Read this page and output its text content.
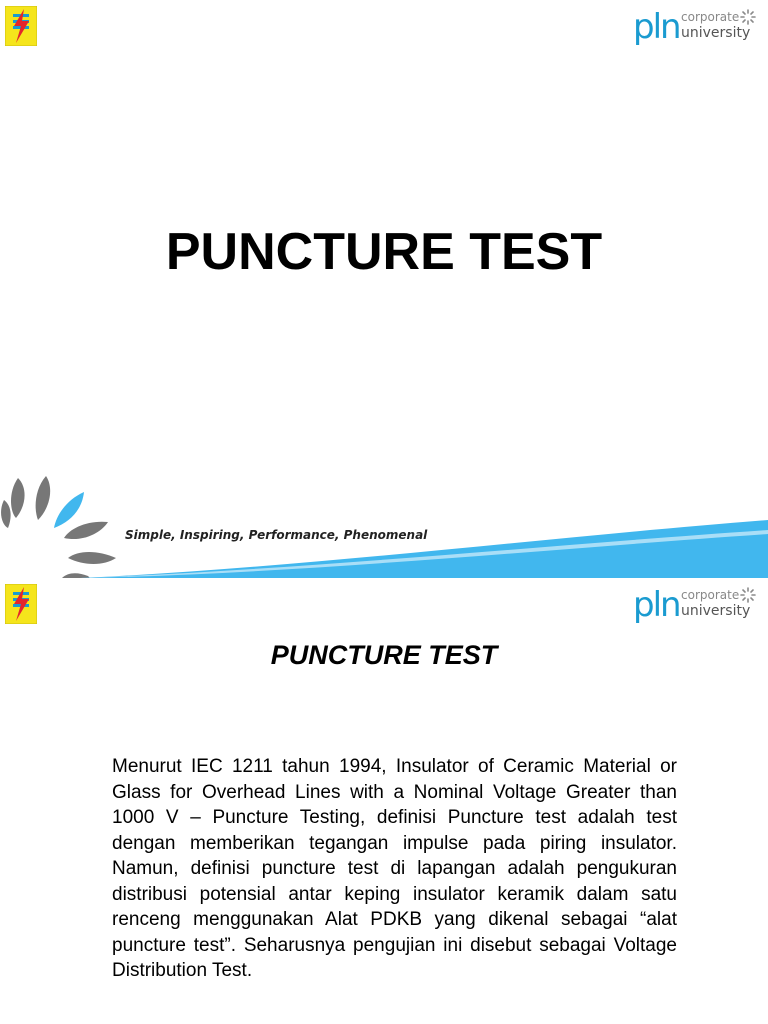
pln corporate
university
PUNCTURE TEST
Simple, Inspiring, Performance, Phenomenal
pln corporate
university
PUNCTURE TEST

Menurut IEC 1211 tahun 1994, Insulator of Ceramic Material or Glass for Overhead Lines with a Nominal Voltage Greater than 1000 V – Puncture Testing, definisi Puncture test adalah test dengan memberikan tegangan impulse pada piring insulator. Namun, definisi puncture test di lapangan adalah pengukuran distribusi potensial antar keping insulator keramik dalam satu renceng menggunakan Alat PDKB yang dikenal sebagai “alat puncture test”. Seharusnya pengujian ini disebut sebagai Voltage Distribution Test.
